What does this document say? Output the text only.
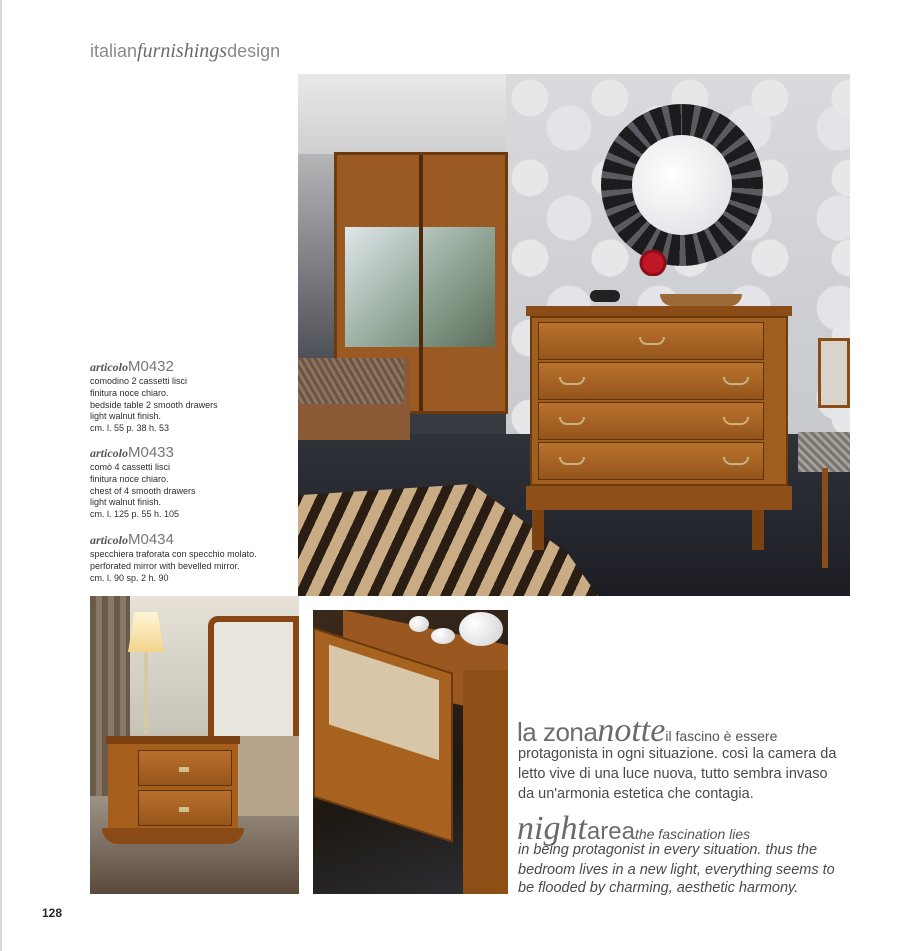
italianfurnishingsdesign
articoloM0432
comodino 2 cassetti lisci
finitura noce chiaro.
bedside table 2 smooth drawers
light walnut finish.
cm. l. 55 p. 38 h. 53
articoloM0433
comò 4 cassetti lisci
finitura noce chiaro.
chest of 4 smooth drawers
light walnut finish.
cm. l. 125 p. 55 h. 105
articoloM0434
specchiera traforata con specchio molato.
perforated mirror with bevelled mirror.
cm. l. 90 sp. 2 h. 90
la zonanotteil fascino è essere
protagonista in ogni situazione. così la camera da
letto vive di una luce nuova, tutto sembra invaso
da un'armonia estetica che contagia.
nightareathe fascination lies
in being protagonist in every situation. thus the
bedroom lives in a new light, everything seems to
be flooded by charming, aesthetic harmony.
128
